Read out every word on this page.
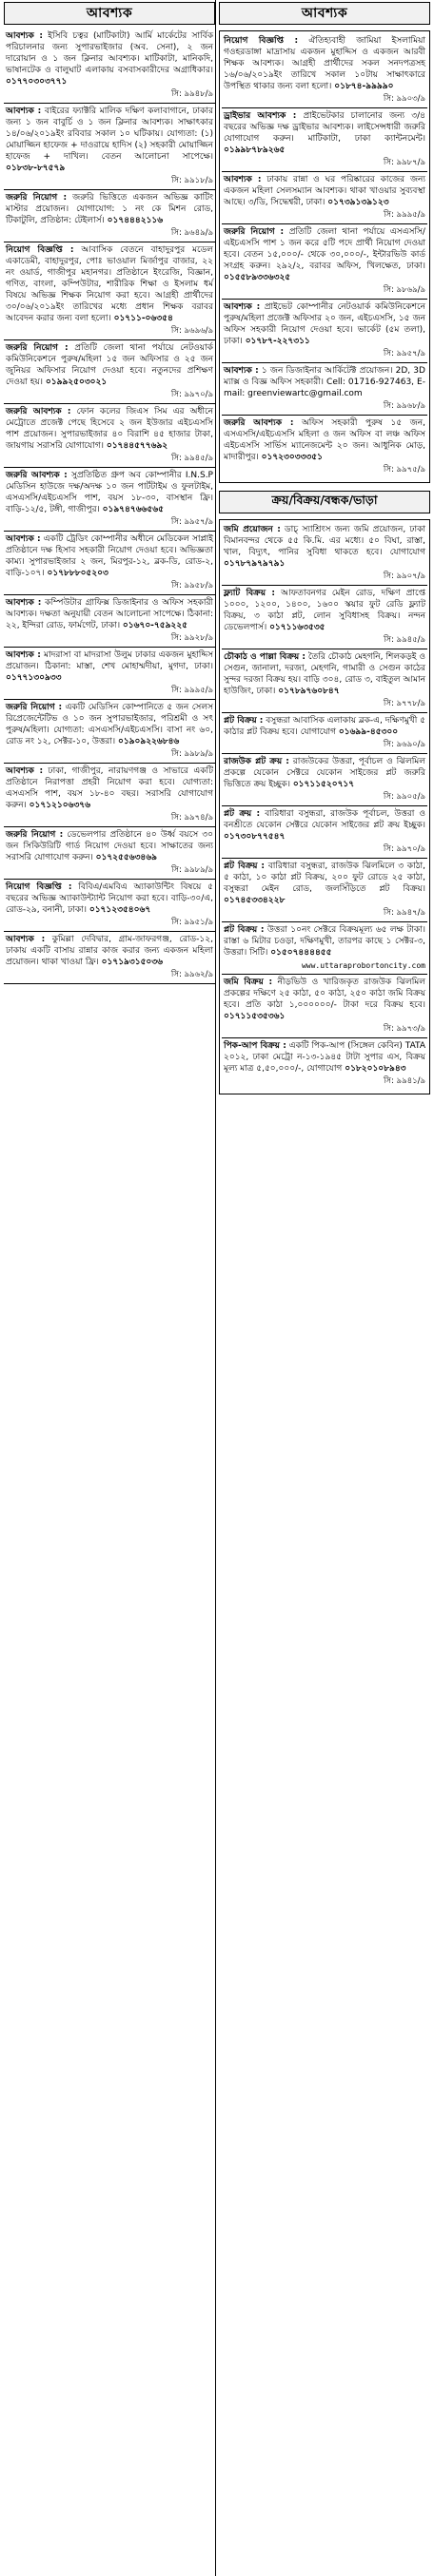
আবশ্যক

আবশ্যক : ইসিবি চত্বর (মাটিকাটা) আর্মি মার্কেটের সার্বিক পরিচালনার জন্য সুপারভাইজার (অব. সেনা), ২ জন দারোয়ান ও ১ জন ক্লিনার আবশ্যক। মাটিকাটা, মানিকদি, ভাষানটেক ও বালুঘাট এলাকায় বসবাসকারীদের অগ্রাধিকার। ০১৭৭০৩০৩৭৭১

সি: ৯৯৪৮/৯

আবশ্যক : বাইরের ফ্যাক্টরি মালিক দক্ষিণ কলাবাগানে, ঢাকার জন্য ১ জন বাবুর্চি ও ১ জন ক্লিনার আবশ্যক। সাক্ষাৎকার ১৪/০৬/২০১৯ইং রবিবার সকাল ১০ ঘটিকায়। যোগ্যতা: (১) মোয়াজ্জিন হাফেজ + দাওরায়ে হাদিস (২) সহকারী মোয়াজ্জিন হাফেজ + দাখিল। বেতন আলোচনা সাপেক্ষে। ০১৮৩৮-৮৭৫৭৯

সি: ৯৯১৮/৯

জরুরি নিয়োগ : জরুরি ভিত্তিতে একজন অভিজ্ঞ কাটিং মাস্টার প্রয়োজন। যোগাযোগ: ১ নং কে মিশন রোড, টিকাটুলি, প্রতিষ্ঠান: টেইলার্স। ০১৭৪৪৪২১১৬

সি: ৯৬৪৯/৯

নিয়োগ বিজ্ঞপ্তি : আবাসিক বেতনে বাহাদুরপুর মডেল একাডেমী, বাহাদুরপুর, পোঃ ভাওয়াল মির্জাপুর বাজার, ২২ নং ওয়ার্ড, গাজীপুর মহানগর। প্রতিষ্ঠানে ইংরেজি, বিজ্ঞান, গণিত, বাংলা, কম্পিউটার, শারীরিক শিক্ষা ও ইসলাম ধর্ম বিষয়ে অভিজ্ঞ শিক্ষক নিয়োগ করা হবে। আগ্রহী প্রার্থীদের ৩০/০৬/২০১৯ইং তারিখের মধ্যে প্রধান শিক্ষক বরাবর আবেদন করার জন্য বলা হলো। ০১৭১১-০৬৩৫৪

সি: ৯৬৯৬/৯

জরুরি নিয়োগ : প্রতিটি জেলা থানা পর্যায়ে নেটওয়ার্ক কমিউনিকেশনে পুরুষ/মহিলা ১৫ জন অফিসার ও ২৫ জন জুনিয়র অফিসার নিয়োগ দেওয়া হবে। নতুনদের প্রশিক্ষণ দেওয়া হয়। ০১৯৯২৫০৩০২১

সি: ৯৯৭০/৯

জরুরি আবশ্যক : ফোন কলের জিএস সিম এর অধীনে মেট্রোতে প্রজেক্ট পেছে হিসেবে ২ জন ইউজার এইচএসসি পাশ প্রয়োজন। সুপারভাইজার ৪০ বিরাশি ৪৫ হাজার টাকা, জায়গায় সরাসরি যোগাযোগ। ০১৭৪৪৫৭৭৬৯২

সি: ৯৯৪৫/৯

জরুরি আবশ্যক : সুপ্রতিষ্ঠিত গ্রুপ অব কোম্পানীর I.N.S.P মেডিসিন হাউজে দক্ষ/অদক্ষ ১০ জন পার্টটাইম ও ফুলটাইম, এসএসসি/এইচএসসি পাশ, বয়স ১৮-৩০, বাসস্থান ফ্রি। বাড়ি-১২/৫, টঙ্গী, গাজীপুর। ০১৯৭৪৭৬৬৫৬৫

সি: ৯৯৫৭/৯

আবশ্যক : একটি ট্রেডিং কোম্পানীর অধীনে মেডিকেল সাপ্লাই প্রতিষ্ঠানে দক্ষ হিসাব সহকারী নিয়োগ দেওয়া হবে। অভিজ্ঞতা কাম্য। সুপারভাইজার ২ জন, মিরপুর-১২, ব্লক-ডি, রোড-২, বাড়ি-১০৭। ০১৭৮৮৮০৫২০৩

সি: ৯৯৫৮/৯

আবশ্যক : কম্পিউটার গ্রাফিক্স ডিজাইনার ও অফিস সহকারী আবশ্যক। দক্ষতা অনুযায়ী বেতন আলোচনা সাপেক্ষে। ঠিকানা: ২২, ইন্দিরা রোড, ফার্মগেট, ঢাকা। ০১৬৭০-৭৫৯২২৫

সি: ৯৯২৮/৯

আবশ্যক : মাদরাসা বা মাদরাসা উলুম ঢাকার একজন মুহাদ্দিস প্রয়োজন। ঠিকানা: মাস্তা, শেখ মোহাম্মদীয়া, মুগদা, ঢাকা। ০১৭৭১৩০৯৩৩

সি: ৯৯৯৫/৯

জরুরি নিয়োগ : একটি মেডিসিন কোম্পানিতে ৫ জন সেলস রিপ্রেজেন্টেটিভ ও ১০ জন সুপারভাইজার, পরিশ্রমী ও সৎ পুরুষ/মহিলা। যোগ্যতা: এসএসসি/এইচএসসি। বাসা নং ৬০, রোড নং ১২, সেক্টর-১০, উত্তরা। ০১৯০৯২২৬৮৪৬

সি: ৯৯৮৯/৯

আবশ্যক : ঢাকা, গাজীপুর, নারায়ণগঞ্জ ও সাভারে একটি প্রতিষ্ঠানে নিরাপত্তা প্রহরী নিয়োগ করা হবে। যোগ্যতা: এসএসসি পাশ, বয়স ১৮-৪০ বছর। সরাসরি যোগাযোগ করুন। ০১৭১২১০৬৩৭৬

সি: ৯৯৭৪/৯

জরুরি নিয়োগ : ডেভেলপার প্রতিষ্ঠানে ৪০ উর্ধ্ব বয়সে ৩০ জন সিকিউরিটি গার্ড নিয়োগ দেওয়া হবে। সাক্ষাতের জন্য সরাসরি যোগাযোগ করুন। ০১৭২৫৫৬৩৪৬৯

সি: ৯৯৮৯/৯

নিয়োগ বিজ্ঞপ্তি : বিবিএ/এমবিএ অ্যাকাউন্টিং বিষয়ে ৫ বছরের অভিজ্ঞ অ্যাকাউন্ট্যান্ট নিয়োগ করা হবে। বাড়ি-৩০/এ, রোড-২৯, বনানী, ঢাকা। ০১৭১২৩৫৪০৬৭

সি: ৯৯৫১/৯

আবশ্যক : কুমিল্লা দেবিদ্বার, গ্রাম-জাফরগঞ্জ, রোড-১২, ঢাকায় একটি বাসায় রান্নার কাজ করার জন্য একজন মহিলা প্রয়োজন। থাকা খাওয়া ফ্রি। ০১৭১৯৩১৫০৩৬

সি: ৯৯৬২/৯
আবশ্যক

নিয়োগ বিজ্ঞপ্তি : ঐতিহ্যবাহী জামিয়া ইসলামিয়া গওহরডাঙ্গা মাদ্রাসায় একজন মুহাদ্দিস ও একজন আরবী শিক্ষক আবশ্যক। আগ্রহী প্রার্থীদের সকল সনদপত্রসহ ১৬/০৬/২০১৯ইং তারিখে সকাল ১০টায় সাক্ষাৎকারে উপস্থিত থাকার জন্য বলা হলো। ০১৮৭৪-৯৯৯৯০

সি: ৯৯০৩/৯

ড্রাইভার আবশ্যক : প্রাইভেটকার চালানোর জন্য ৩/৪ বছরের অভিজ্ঞ দক্ষ ড্রাইভার আবশ্যক। লাইসেন্সধারী জরুরি যোগাযোগ করুন। মাটিকাটা, ঢাকা ক্যান্টনমেন্ট। ০১৯৯৮৭৮৯২৬৫

সি: ৯৯৮৭/৯

আবশ্যক : ঢাকায় রান্না ও ঘর পরিষ্কারের কাজের জন্য একজন মহিলা সেলসম্যান আবশ্যক। থাকা খাওয়ার সুব্যবস্থা আছে। ৩/ডি, সিদ্ধেশ্বরী, ঢাকা। ০১৭৩৯১৩৯১২৩

সি: ৯৯৯৫/৯

জরুরি নিয়োগ : প্রতিটি জেলা থানা পর্যায়ে এসএসসি/এইচএসসি পাশ ১ জন করে ৫টি পদে প্রার্থী নিয়োগ দেওয়া হবে। বেতন ১৫,০০০/- থেকে ৩০,০০০/-, ইন্টারভিউ কার্ড সংগ্রহ করুন। ২৯২/২, বরাবর অফিস, খিলক্ষেত, ঢাকা। ০১৫৫৮৯৩৩৬৩২৫

সি: ৯৮৬৯/৯

আবশ্যক : প্রাইভেট কোম্পানীর নেটওয়ার্ক কমিউনিকেশনে পুরুষ/মহিলা প্রজেক্ট অফিসার ২০ জন, এইচএসসি, ১৫ জন অফিস সহকারী নিয়োগ দেওয়া হবে। ভার্কেট (৫ম তলা), ঢাকা। ০১৭৮৭-২২৭৩১১

সি: ৯৯৫৭/৯

আবশ্যক : ১ জন ডিজাইনার আর্কিটেক্ট প্রয়োজন। 2D, 3D ম্যাক্স ও বিজ্ঞ অফিস সহকারী। Cell: 01716-927463, E-mail: greenviewartc@gmail.com

সি: ৯৯৬৮/৯

জরুরি আবশ্যক : অফিস সহকারী পুরুষ ১৫ জন, এসএসসি/এইচএসসি মহিলা ও জন অফিস বা লঞ্চ অফিস এইচএসসি সার্ভিস ম্যানেজমেন্ট ২০ জন। আধুনিক মোড়, মাদারীপুর। ০১৭২৩০৩৩৩৫১

সি: ৯৯৭৫/৯
ক্রয়/বিক্রয়/বন্ধক/ভাড়া

জমি প্রয়োজন : ডাচ্‌ স্যাশ্রিংস জন্য জমি প্রয়োজন, ঢাকা বিমানবন্দর থেকে ৫৫ কি.মি. এর মধ্যে। ৫০ বিঘা, রাস্তা, খাল, বিদ্যুৎ, পানির সুবিধা থাকতে হবে। যোগাযোগ ০১৭৮৭৯৭৯৭৯১

সি: ৯৯০৭/৯

ফ্ল্যাট বিক্রয় : আফতাবনগর মেইন রোড, দক্ষিণ প্রাপ্তে ১০০০, ১২০০, ১৪০০, ১৬০০ স্কয়ার ফুট রেডি ফ্ল্যাট বিক্রয়, ৩ কাঠা প্লট, লোন সুবিধাসহ বিক্রয়। নন্দন ডেভেলপার্স। ০১৭১১৬৩৫৩৫

সি: ৯৯৪৫/৯

চৌকাঠ ও পাল্লা বিক্রয় : তৈরি চৌকাঠ মেহগনি, শিলকড়ই ও সেগুন, জানালা, দরজা, মেহগনি, গামারী ও সেগুন কাঠের সুন্দর দরজা বিক্রয় হয়। বাড়ি ৩০৪, রোড ৩, বাইতুল আমান হাউজিং, ঢাকা। ০১৭৮৯৭৬০৮৪৭

সি: ৯৭৭৮/৯

প্লট বিক্রয় : বসুন্ধরা আবাসিক এলাকায় ব্লক-এ, দক্ষিণমুখী ৫ কাঠার প্লট বিক্রয় হবে। যোগাযোগ ০১৬৯৯-৪৫৩০০

সি: ৯৬৯০/৯

রাজউক প্লট ক্রয় : রাজউকের উত্তরা, পূর্বাচল ও ঝিলমিল প্রকল্পে যেকোন সেক্টরে যেকোন সাইজের প্লট জরুরি ভিত্তিতে ক্রয় ইচ্ছুক। ০১৭১১৫২০৭১৭

সি: ৯৯০৫/৯

প্লট ক্রয় : বারিধারা বসুন্ধরা, রাজউক পূর্বাচল, উত্তরা ও বনশ্রীতে যেকোন সেক্টরে যেকোন সাইজের প্লট ক্রয় ইচ্ছুক। ০১৭৩০৮৭৭৫৪৭

সি: ৯৯৭০/৯

প্লট বিক্রয় : বারিধারা বসুন্ধরা, রাজউক ঝিলমিলে ৩ কাঠা, ৫ কাঠা, ১০ কাঠা প্লট বিক্রয়, ২০০ ফুট রোডে ২৫ কাঠা, বসুন্ধরা মেইন রোড, জলসিঁড়িতে প্লট বিক্রয়। ০১৭৪৫৩৩৪২২৮

সি: ৯৯৪৭/৯

প্লট বিক্রয় : উত্তরা ১০নং সেক্টরে বিক্রয়মূল্য ৬৫ লক্ষ টাকা। রাস্তা ৬ মিটার চওড়া, দক্ষিণমুখী, তারপর কাছে ১ সেক্টর-৩, উত্তরা। সিটি। ০১৫০৭৪৪৪৪৫৫

www.uttaraprobortoncity.com

জমি বিক্রয় : নীড়ভিউ ও খারিজকৃত রাজউক ঝিলমিল প্রকল্পের দক্ষিণে ২৫ কাঠা, ৫০ কাঠা, ২৫০ কাঠা জমি বিক্রয় হবে। প্রতি কাঠা ১,০০০০০০/- টাকা দরে বিক্রয় হবে। ০১৭১১৫৩৫৩৬১

সি: ৯৯৭৩/৯

পিক-আপ বিক্রয় : একটি পিক-আপ (সিঙ্গেল কেবিন) TATA ২০১২, ঢাকা মেট্রো ন-১৩-১৯৪৫ টাটা সুপার এস, বিক্রয় মূল্য মাত্র ৫,৫০,০০০/-, যোগাযোগ ০১৮২০১০৮৯৪৩

সি: ৯৯৪১/৯
